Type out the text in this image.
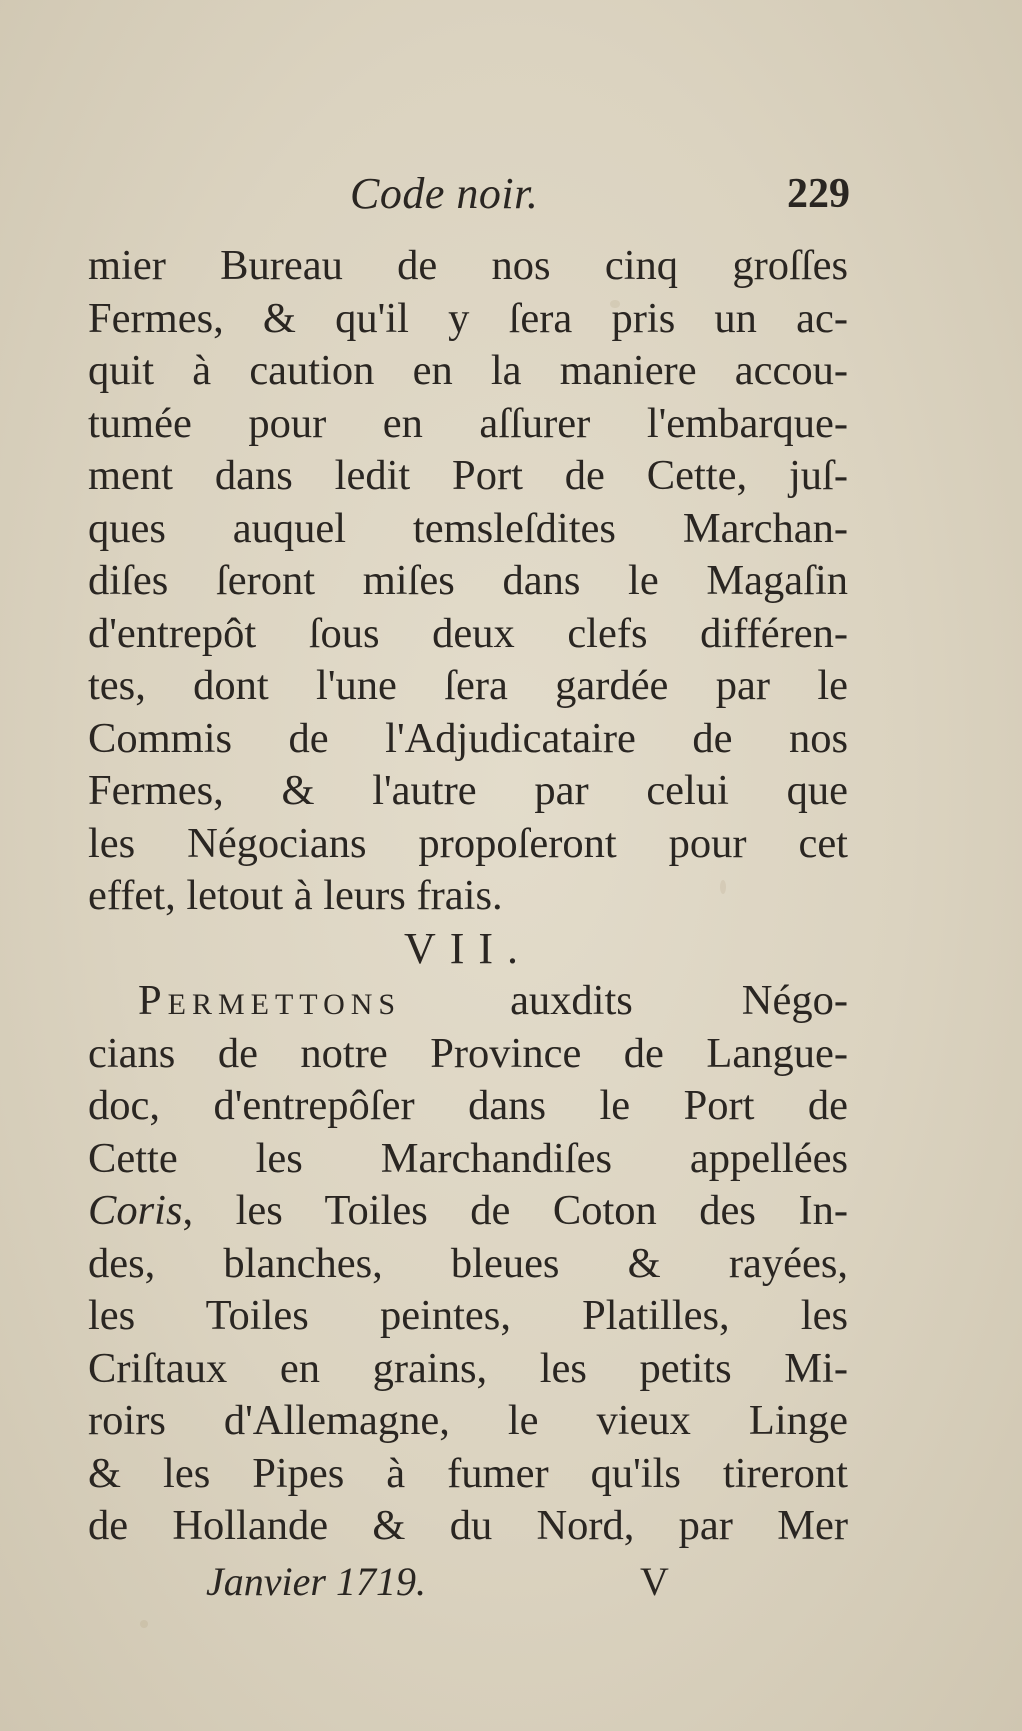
Code noir.	229
mier Bureau de nos cinq groſſes
Fermes, & qu'il y ſera pris un ac-
quit à caution en la maniere accou-
tumée pour en aſſurer l'embarque-
ment dans ledit Port de Cette, juſ-
ques auquel temsleſdites Marchan-
diſes ſeront miſes dans le Magaſin
d'entrepôt ſous deux clefs différen-
tes, dont l'une ſera gardée par le
Commis de l'Adjudicataire de nos
Fermes, & l'autre par celui que
les Négocians propoſeront pour cet
effet, letout à leurs frais.
VII.
Permettons auxdits Négo-
cians de notre Province de Langue-
doc, d'entrepôſer dans le Port de
Cette les Marchandiſes appellées
Coris, les Toiles de Coton des In-
des, blanches, bleues & rayées,
les Toiles peintes, Platilles, les
Criſtaux en grains, les petits Mi-
roirs d'Allemagne, le vieux Linge
& les Pipes à fumer qu'ils tireront
de Hollande & du Nord, par Mer
Janvier 1719.	V
